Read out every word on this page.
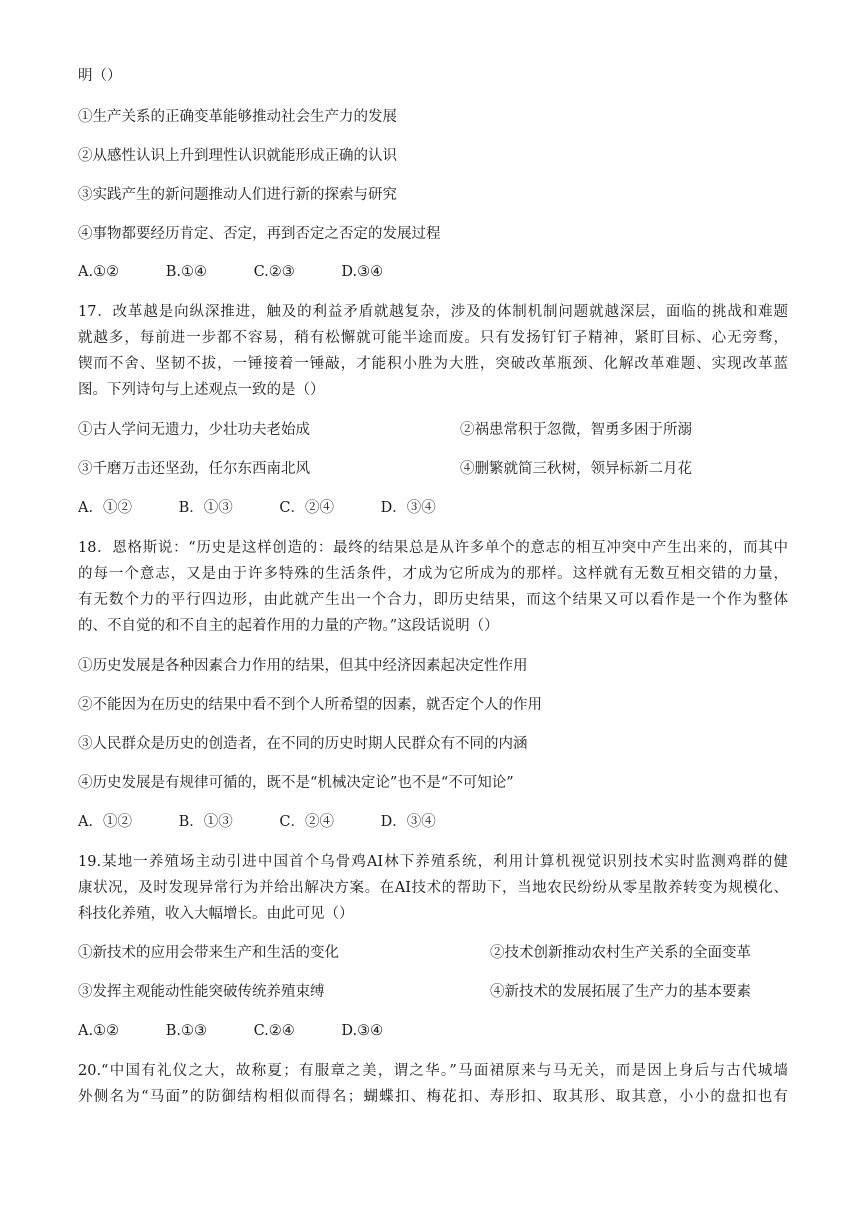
明（）
①生产关系的正确变革能够推动社会生产力的发展
②从感性认识上升到理性认识就能形成正确的认识
③实践产生的新问题推动人们进行新的探索与研究
④事物都要经历肯定、否定，再到否定之否定的发展过程
A.①②	B.①④	C.②③	D.③④
17．改革越是向纵深推进，触及的利益矛盾就越复杂，涉及的体制机制问题就越深层，面临的挑战和难题
就越多，每前进一步都不容易，稍有松懈就可能半途而废。只有发扬钉钉子精神，紧盯目标、心无旁骛，
锲而不舍、坚韧不拔，一锤接着一锤敲，才能积小胜为大胜，突破改革瓶颈、化解改革难题、实现改革蓝
图。下列诗句与上述观点一致的是（）
①古人学问无遗力，少壮功夫老始成	②祸患常积于忽微，智勇多困于所溺
③千磨万击还坚劲，任尔东西南北风	④删繁就简三秋树，领异标新二月花
A．①②	B．①③	C．②④	D．③④
18．恩格斯说：“历史是这样创造的：最终的结果总是从许多单个的意志的相互冲突中产生出来的，而其中
的每一个意志，又是由于许多特殊的生活条件，才成为它所成为的那样。这样就有无数互相交错的力量，
有无数个力的平行四边形，由此就产生出一个合力，即历史结果，而这个结果又可以看作是一个作为整体
的、不自觉的和不自主的起着作用的力量的产物。”这段话说明（）
①历史发展是各种因素合力作用的结果，但其中经济因素起决定性作用
②不能因为在历史的结果中看不到个人所希望的因素，就否定个人的作用
③人民群众是历史的创造者，在不同的历史时期人民群众有不同的内涵
④历史发展是有规律可循的，既不是“机械决定论”也不是“不可知论”
A．①②	B．①③	C．②④	D．③④
19.某地一养殖场主动引进中国首个乌骨鸡AI林下养殖系统，利用计算机视觉识别技术实时监测鸡群的健
康状况，及时发现异常行为并给出解决方案。在AI技术的帮助下，当地农民纷纷从零星散养转变为规模化、
科技化养殖，收入大幅增长。由此可见（）
①新技术的应用会带来生产和生活的变化	②技术创新推动农村生产关系的全面变革
③发挥主观能动性能突破传统养殖束缚	④新技术的发展拓展了生产力的基本要素
A.①②	B.①③	C.②④	D.③④
20.“中国有礼仪之大，故称夏；有服章之美，谓之华。”马面裙原来与马无关，而是因上身后与古代城墙
外侧名为“马面”的防御结构相似而得名；蝴蝶扣、梅花扣、寿形扣、取其形、取其意，小小的盘扣也有
